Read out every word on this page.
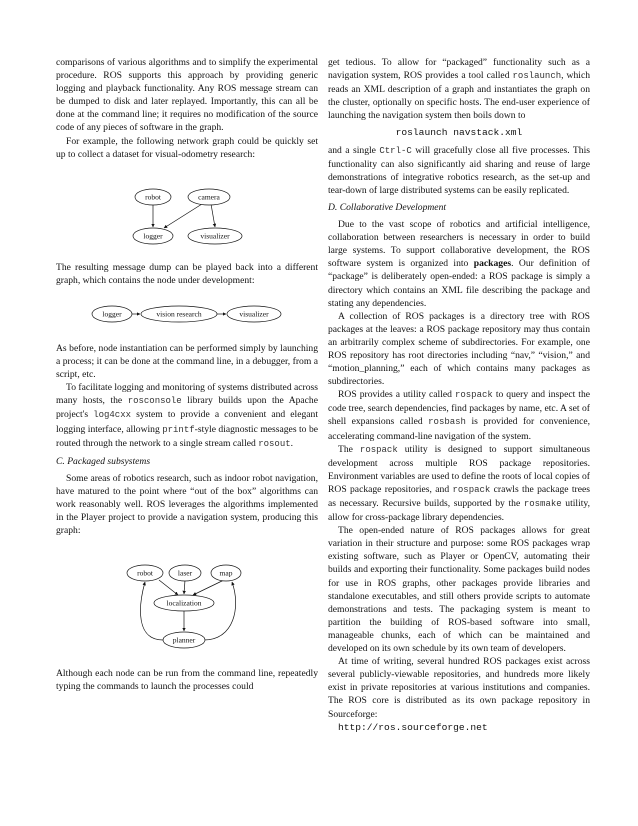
comparisons of various algorithms and to simplify the experimental procedure. ROS supports this approach by providing generic logging and playback functionality. Any ROS message stream can be dumped to disk and later replayed. Importantly, this can all be done at the command line; it requires no modification of the source code of any pieces of software in the graph.

For example, the following network graph could be quickly set up to collect a dataset for visual-odometry research:

robot	camera
logger	visualizer

The resulting message dump can be played back into a different graph, which contains the node under development:

logger	vision research	visualizer

As before, node instantiation can be performed simply by launching a process; it can be done at the command line, in a debugger, from a script, etc.

To facilitate logging and monitoring of systems distributed across many hosts, the rosconsole library builds upon the Apache project's log4cxx system to provide a convenient and elegant logging interface, allowing printf-style diagnostic messages to be routed through the network to a single stream called rosout.

C. Packaged subsystems

Some areas of robotics research, such as indoor robot navigation, have matured to the point where “out of the box” algorithms can work reasonably well. ROS leverages the algorithms implemented in the Player project to provide a navigation system, producing this graph:

robot	laser	map
localization
planner

Although each node can be run from the command line, repeatedly typing the commands to launch the processes could

get tedious. To allow for “packaged” functionality such as a navigation system, ROS provides a tool called roslaunch, which reads an XML description of a graph and instantiates the graph on the cluster, optionally on specific hosts. The end-user experience of launching the navigation system then boils down to

roslaunch navstack.xml

and a single Ctrl-C will gracefully close all five processes. This functionality can also significantly aid sharing and reuse of large demonstrations of integrative robotics research, as the set-up and tear-down of large distributed systems can be easily replicated.

D. Collaborative Development

Due to the vast scope of robotics and artificial intelligence, collaboration between researchers is necessary in order to build large systems. To support collaborative development, the ROS software system is organized into packages. Our definition of “package” is deliberately open-ended: a ROS package is simply a directory which contains an XML file describing the package and stating any dependencies.

A collection of ROS packages is a directory tree with ROS packages at the leaves: a ROS package repository may thus contain an arbitrarily complex scheme of subdirectories. For example, one ROS repository has root directories including “nav,” “vision,” and “motion_planning,” each of which contains many packages as subdirectories.

ROS provides a utility called rospack to query and inspect the code tree, search dependencies, find packages by name, etc. A set of shell expansions called rosbash is provided for convenience, accelerating command-line navigation of the system.

The rospack utility is designed to support simultaneous development across multiple ROS package repositories. Environment variables are used to define the roots of local copies of ROS package repositories, and rospack crawls the package trees as necessary. Recursive builds, supported by the rosmake utility, allow for cross-package library dependencies.

The open-ended nature of ROS packages allows for great variation in their structure and purpose: some ROS packages wrap existing software, such as Player or OpenCV, automating their builds and exporting their functionality. Some packages build nodes for use in ROS graphs, other packages provide libraries and standalone executables, and still others provide scripts to automate demonstrations and tests. The packaging system is meant to partition the building of ROS-based software into small, manageable chunks, each of which can be maintained and developed on its own schedule by its own team of developers.

At time of writing, several hundred ROS packages exist across several publicly-viewable repositories, and hundreds more likely exist in private repositories at various institutions and companies. The ROS core is distributed as its own package repository in Sourceforge:

http://ros.sourceforge.net
